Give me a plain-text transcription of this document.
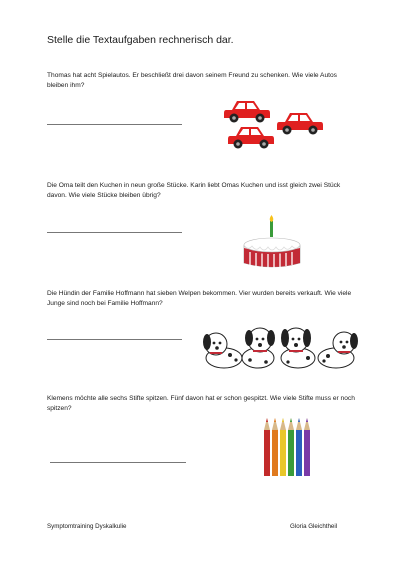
Stelle die Textaufgaben rechnerisch dar.
Thomas hat acht Spielautos. Er beschließt drei davon seinem Freund zu schenken. Wie viele Autos bleiben ihm?
Die Oma teilt den Kuchen in neun große Stücke. Karin liebt Omas Kuchen und isst gleich zwei Stück davon. Wie viele Stücke bleiben übrig?
Die Hündin der Familie Hoffmann hat sieben Welpen bekommen. Vier wurden bereits verkauft. Wie viele Junge sind noch bei Familie Hoffmann?
Klemens möchte alle sechs Stifte spitzen. Fünf davon hat er schon gespitzt. Wie viele Stifte muss er noch spitzen?
Symptomtraining Dyskalkulie	Gloria Gleichtheil
